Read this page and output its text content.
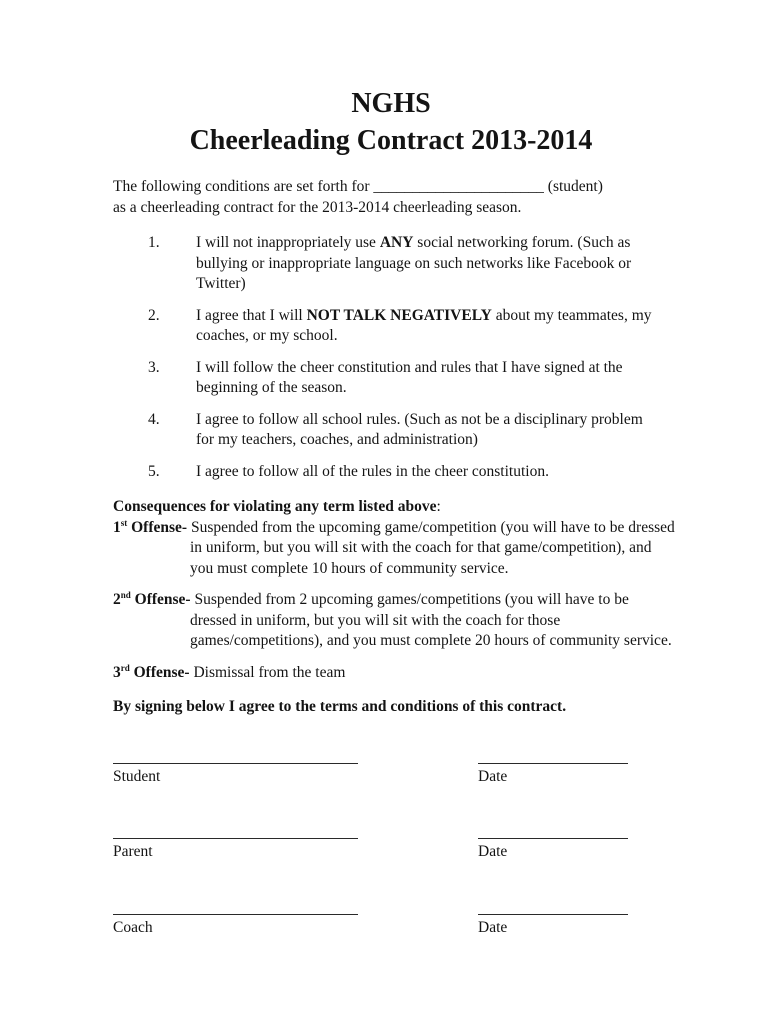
NGHS
Cheerleading Contract 2013-2014

The following conditions are set forth for ______________________ (student)
as a cheerleading contract for the 2013-2014 cheerleading season.

1.	I will not inappropriately use ANY social networking forum. (Such as bullying or inappropriate language on such networks like Facebook or Twitter)
2.	I agree that I will NOT TALK NEGATIVELY about my teammates, my coaches, or my school.
3.	I will follow the cheer constitution and rules that I have signed at the beginning of the season.
4.	I agree to follow all school rules. (Such as not be a disciplinary problem for my teachers, coaches, and administration)
5.	I agree to follow all of the rules in the cheer constitution.

Consequences for violating any term listed above:

1st Offense- Suspended from the upcoming game/competition (you will have to be dressed in uniform, but you will sit with the coach for that game/competition), and you must complete 10 hours of community service.

2nd Offense- Suspended from 2 upcoming games/competitions (you will have to be dressed in uniform, but you will sit with the coach for those games/competitions), and you must complete 20 hours of community service.

3rd Offense- Dismissal from the team

By signing below I agree to the terms and conditions of this contract.

Student	Date
Parent	Date
Coach	Date
